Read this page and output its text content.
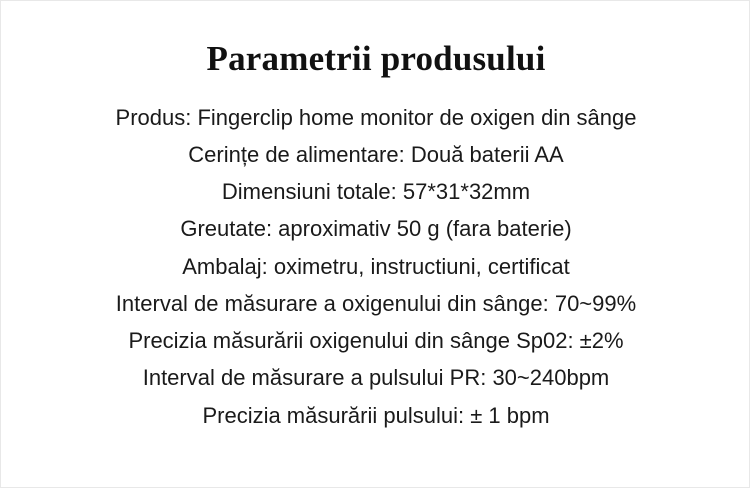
Parametrii produsului
Produs: Fingerclip home monitor de oxigen din sânge
Cerințe de alimentare: Două baterii AA
Dimensiuni totale: 57*31*32mm
Greutate: aproximativ 50 g (fara baterie)
Ambalaj: oximetru, instructiuni, certificat
Interval de măsurare a oxigenului din sânge: 70~99%
Precizia măsurării oxigenului din sânge Sp02: ±2%
Interval de măsurare a pulsului PR: 30~240bpm
Precizia măsurării pulsului: ± 1 bpm
